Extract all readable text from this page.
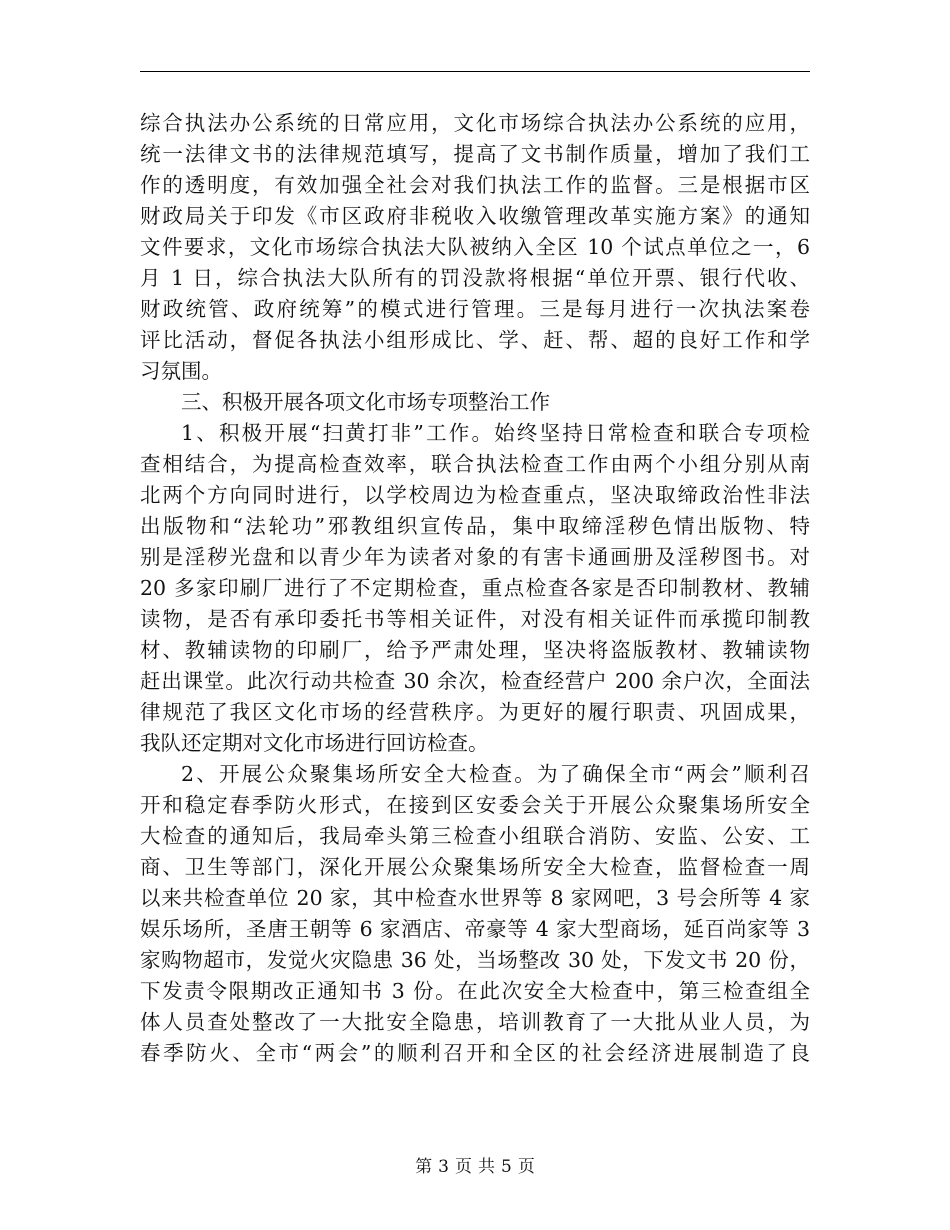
综合执法办公系统的日常应用，文化市场综合执法办公系统的应用，
统一法律文书的法律规范填写，提高了文书制作质量，增加了我们工
作的透明度，有效加强全社会对我们执法工作的监督。三是根据市区
财政局关于印发《市区政府非税收入收缴管理改革实施方案》的通知
文件要求，文化市场综合执法大队被纳入全区 10 个试点单位之一，6
月 1 日，综合执法大队所有的罚没款将根据“单位开票、银行代收、
财政统管、政府统筹”的模式进行管理。三是每月进行一次执法案卷
评比活动，督促各执法小组形成比、学、赶、帮、超的良好工作和学
习氛围。
三、积极开展各项文化市场专项整治工作
1、积极开展“扫黄打非”工作。始终坚持日常检查和联合专项检
查相结合，为提高检查效率，联合执法检查工作由两个小组分别从南
北两个方向同时进行，以学校周边为检查重点，坚决取缔政治性非法
出版物和“法轮功”邪教组织宣传品，集中取缔淫秽色情出版物、特
别是淫秽光盘和以青少年为读者对象的有害卡通画册及淫秽图书。对
20 多家印刷厂进行了不定期检查，重点检查各家是否印制教材、教辅
读物，是否有承印委托书等相关证件，对没有相关证件而承揽印制教
材、教辅读物的印刷厂，给予严肃处理，坚决将盗版教材、教辅读物
赶出课堂。此次行动共检查 30 余次，检查经营户 200 余户次，全面法
律规范了我区文化市场的经营秩序。为更好的履行职责、巩固成果，
我队还定期对文化市场进行回访检查。
2、开展公众聚集场所安全大检查。为了确保全市“两会”顺利召
开和稳定春季防火形式，在接到区安委会关于开展公众聚集场所安全
大检查的通知后，我局牵头第三检查小组联合消防、安监、公安、工
商、卫生等部门，深化开展公众聚集场所安全大检查，监督检查一周
以来共检查单位 20 家，其中检查水世界等 8 家网吧，3 号会所等 4 家
娱乐场所，圣唐王朝等 6 家酒店、帝豪等 4 家大型商场，延百尚家等 3
家购物超市，发觉火灾隐患 36 处，当场整改 30 处，下发文书 20 份，
下发责令限期改正通知书 3 份。在此次安全大检查中，第三检查组全
体人员查处整改了一大批安全隐患，培训教育了一大批从业人员，为
春季防火、全市“两会”的顺利召开和全区的社会经济进展制造了良
第 3 页 共 5 页
